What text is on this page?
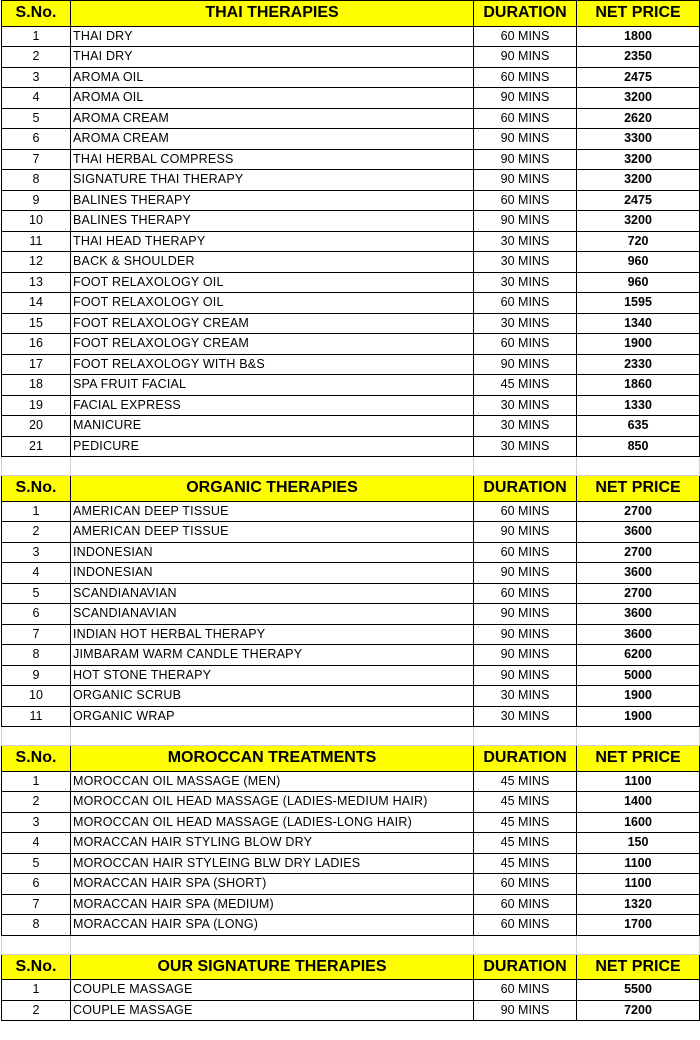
S.No.	THAI THERAPIES	DURATION	NET PRICE
1	THAI DRY	60 MINS	1800
2	THAI DRY	90 MINS	2350
3	AROMA OIL	60 MINS	2475
4	AROMA OIL	90 MINS	3200
5	AROMA CREAM	60 MINS	2620
6	AROMA CREAM	90 MINS	3300
7	THAI HERBAL COMPRESS	90 MINS	3200
8	SIGNATURE THAI THERAPY	90 MINS	3200
9	BALINES THERAPY	60 MINS	2475
10	BALINES THERAPY	90 MINS	3200
11	THAI HEAD THERAPY	30 MINS	720
12	BACK & SHOULDER	30 MINS	960
13	FOOT RELAXOLOGY OIL	30 MINS	960
14	FOOT RELAXOLOGY OIL	60 MINS	1595
15	FOOT RELAXOLOGY CREAM	30 MINS	1340
16	FOOT RELAXOLOGY CREAM	60 MINS	1900
17	FOOT RELAXOLOGY WITH B&S	90 MINS	2330
18	SPA FRUIT FACIAL	45 MINS	1860
19	FACIAL EXPRESS	30 MINS	1330
20	MANICURE	30 MINS	635
21	PEDICURE	30 MINS	850

S.No.	ORGANIC THERAPIES	DURATION	NET PRICE
1	AMERICAN DEEP TISSUE	60 MINS	2700
2	AMERICAN DEEP TISSUE	90 MINS	3600
3	INDONESIAN	60 MINS	2700
4	INDONESIAN	90 MINS	3600
5	SCANDIANAVIAN	60 MINS	2700
6	SCANDIANAVIAN	90 MINS	3600
7	INDIAN HOT HERBAL THERAPY	90 MINS	3600
8	JIMBARAM WARM CANDLE THERAPY	90 MINS	6200
9	HOT STONE THERAPY	90 MINS	5000
10	ORGANIC SCRUB	30 MINS	1900
11	ORGANIC WRAP	30 MINS	1900

S.No.	MOROCCAN TREATMENTS	DURATION	NET PRICE
1	MOROCCAN OIL MASSAGE (MEN)	45 MINS	1100
2	MOROCCAN OIL HEAD MASSAGE (LADIES-MEDIUM HAIR)	45 MINS	1400
3	MOROCCAN OIL HEAD MASSAGE (LADIES-LONG HAIR)	45 MINS	1600
4	MORACCAN HAIR STYLING BLOW DRY	45 MINS	150
5	MOROCCAN HAIR STYLEING BLW DRY LADIES	45 MINS	1100
6	MORACCAN HAIR SPA (SHORT)	60 MINS	1100
7	MORACCAN HAIR SPA (MEDIUM)	60 MINS	1320
8	MORACCAN HAIR SPA (LONG)	60 MINS	1700

S.No.	OUR SIGNATURE THERAPIES	DURATION	NET PRICE
1	COUPLE MASSAGE	60 MINS	5500
2	COUPLE MASSAGE	90 MINS	7200
